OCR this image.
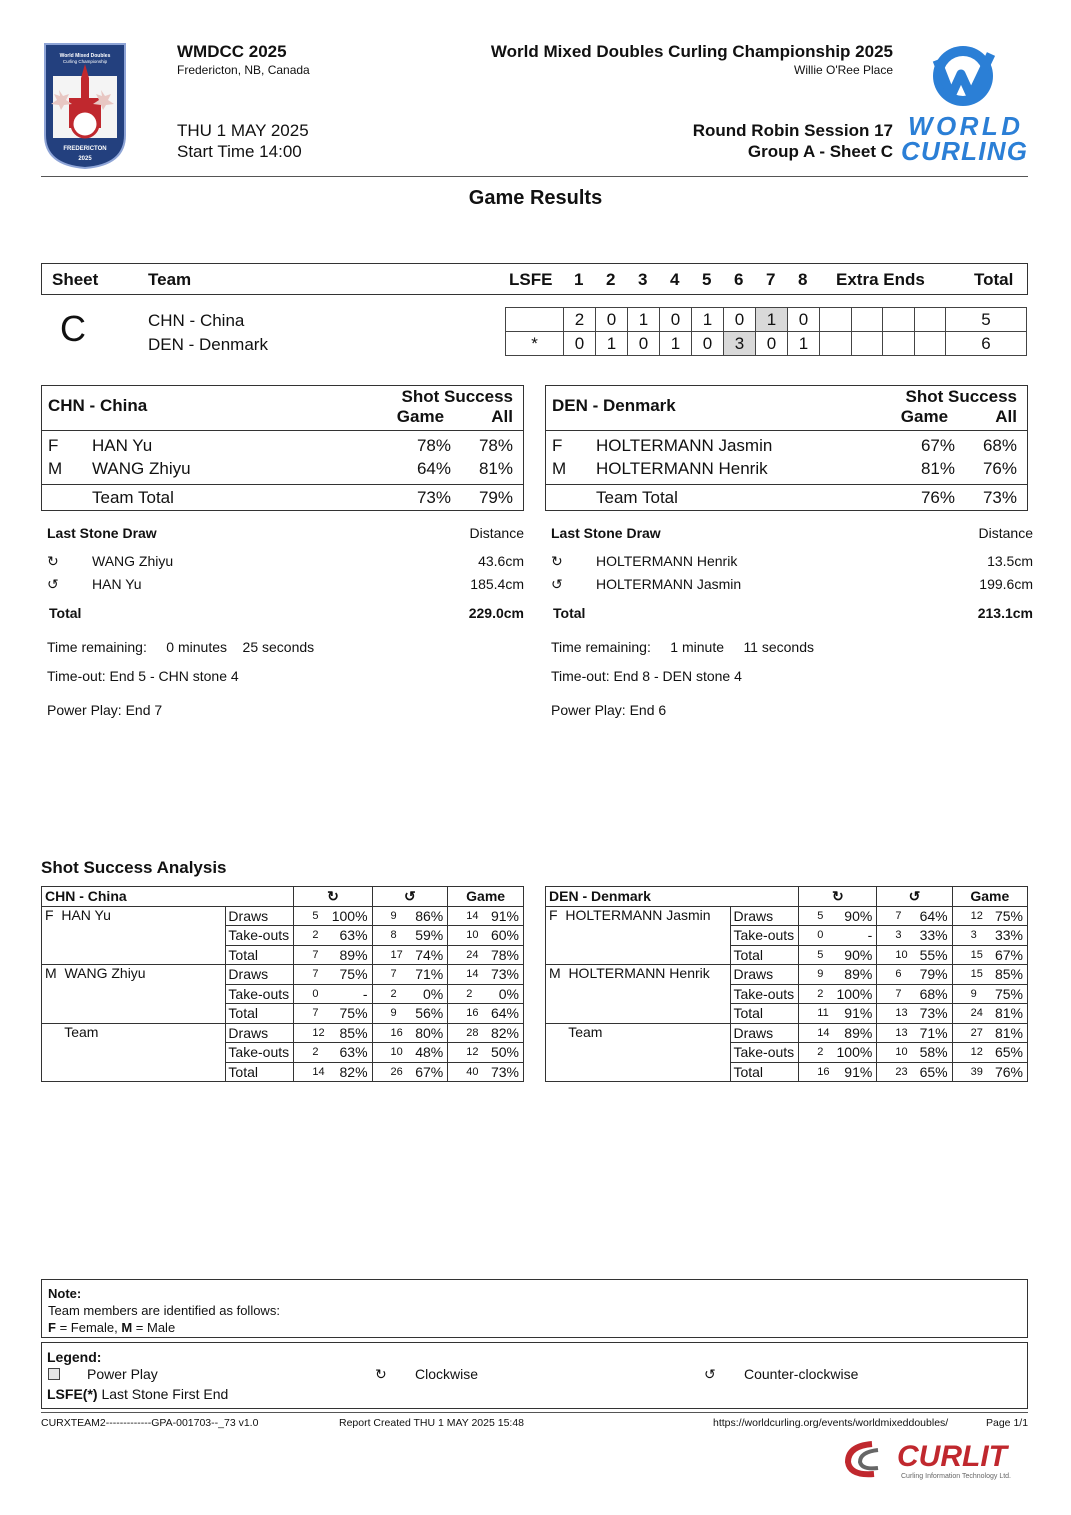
World Mixed Doubles
Curling Championship
FREDERICTON
2025
WMDCC 2025
Fredericton, NB, Canada
THU 1 MAY 2025
Start Time 14:00
World Mixed Doubles Curling Championship 2025
Willie O'Ree Place
Round Robin Session 17
Group A - Sheet C
WORLD
CURLING
Game Results
Sheet	Team	LSFE 1 2 3 4 5 6 7 8 Extra Ends	Total
C	CHN - China
DEN - Denmark
	2	0	1	0	1	0	1	0					5
*	0	1	0	1	0	3	0	1					6
CHN - China	Shot Success
Game	All
F HAN Yu	78% 78%
M WANG Zhiyu	64% 81%
Team Total	73% 79%
DEN - Denmark	Shot Success
Game	All
F HOLTERMANN Jasmin	67% 68%
M HOLTERMANN Henrik	81% 76%
Team Total	76% 73%
Last Stone Draw	Distance
↻ WANG Zhiyu	43.6cm
↺ HAN Yu	185.4cm
Total	229.0cm
Time remaining:     0 minutes    25 seconds
Time-out: End 5 - CHN stone 4
Power Play: End 7
Last Stone Draw	Distance
↻ HOLTERMANN Henrik	13.5cm
↺ HOLTERMANN Jasmin	199.6cm
Total	213.1cm
Time remaining:     1 minute     11 seconds
Time-out: End 8 - DEN stone 4
Power Play: End 6
Shot Success Analysis
CHN - China		↻		↺		Game	
F  HAN Yu	Draws	5	100%	9	86%	14	91%
	Take-outs	2	63%	8	59%	10	60%
	Total	7	89%	17	74%	24	78%
M  WANG Zhiyu	Draws	7	75%	7	71%	14	73%
	Take-outs	0	-	2	0%	2	0%
	Total	7	75%	9	56%	16	64%
Team	Draws	12	85%	16	80%	28	82%
	Take-outs	2	63%	10	48%	12	50%
	Total	14	82%	26	67%	40	73%
DEN - Denmark		↻		↺		Game	
F  HOLTERMANN Jasmin	Draws	5	90%	7	64%	12	75%
	Take-outs	0	-	3	33%	3	33%
	Total	5	90%	10	55%	15	67%
M  HOLTERMANN Henrik	Draws	9	89%	6	79%	15	85%
	Take-outs	2	100%	7	68%	9	75%
	Total	11	91%	13	73%	24	81%
Team	Draws	14	89%	13	71%	27	81%
	Take-outs	2	100%	10	58%	12	65%
	Total	16	91%	23	65%	39	76%
Note:
Team members are identified as follows:
F = Female, M = Male
Legend:
Power Play	↻ Clockwise	↺ Counter-clockwise
LSFE(*) Last Stone First End
CURXTEAM2-------------GPA-001703--_73 v1.0	Report Created THU 1 MAY 2025 15:48	https://worldcurling.org/events/worldmixeddoubles/	Page 1/1
CURLIT
Curling Information Technology Ltd.
